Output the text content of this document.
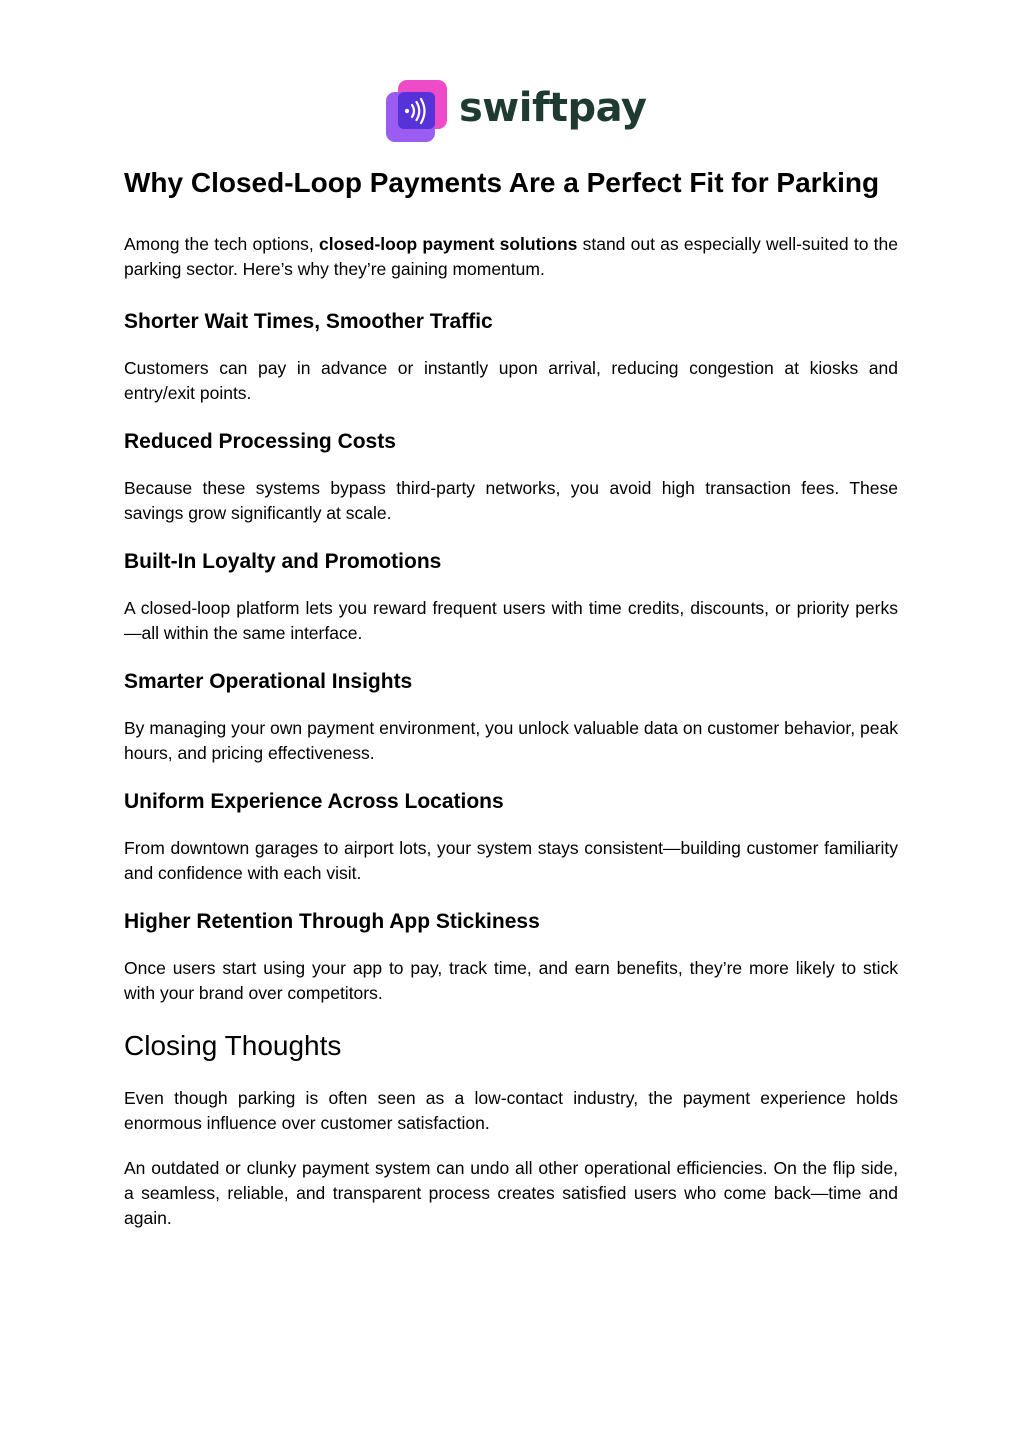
swiftpay
Why Closed-Loop Payments Are a Perfect Fit for Parking

Among the tech options, closed-loop payment solutions stand out as especially well-suited to the parking sector. Here’s why they’re gaining momentum.

Shorter Wait Times, Smoother Traffic

Customers can pay in advance or instantly upon arrival, reducing congestion at kiosks and entry/exit points.

Reduced Processing Costs

Because these systems bypass third-party networks, you avoid high transaction fees. These savings grow significantly at scale.

Built-In Loyalty and Promotions

A closed-loop platform lets you reward frequent users with time credits, discounts, or priority perks—all within the same interface.

Smarter Operational Insights

By managing your own payment environment, you unlock valuable data on customer behavior, peak hours, and pricing effectiveness.

Uniform Experience Across Locations

From downtown garages to airport lots, your system stays consistent—building customer familiarity and confidence with each visit.

Higher Retention Through App Stickiness

Once users start using your app to pay, track time, and earn benefits, they’re more likely to stick with your brand over competitors.

Closing Thoughts

Even though parking is often seen as a low-contact industry, the payment experience holds enormous influence over customer satisfaction.

An outdated or clunky payment system can undo all other operational efficiencies. On the flip side, a seamless, reliable, and transparent process creates satisfied users who come back—time and again.
